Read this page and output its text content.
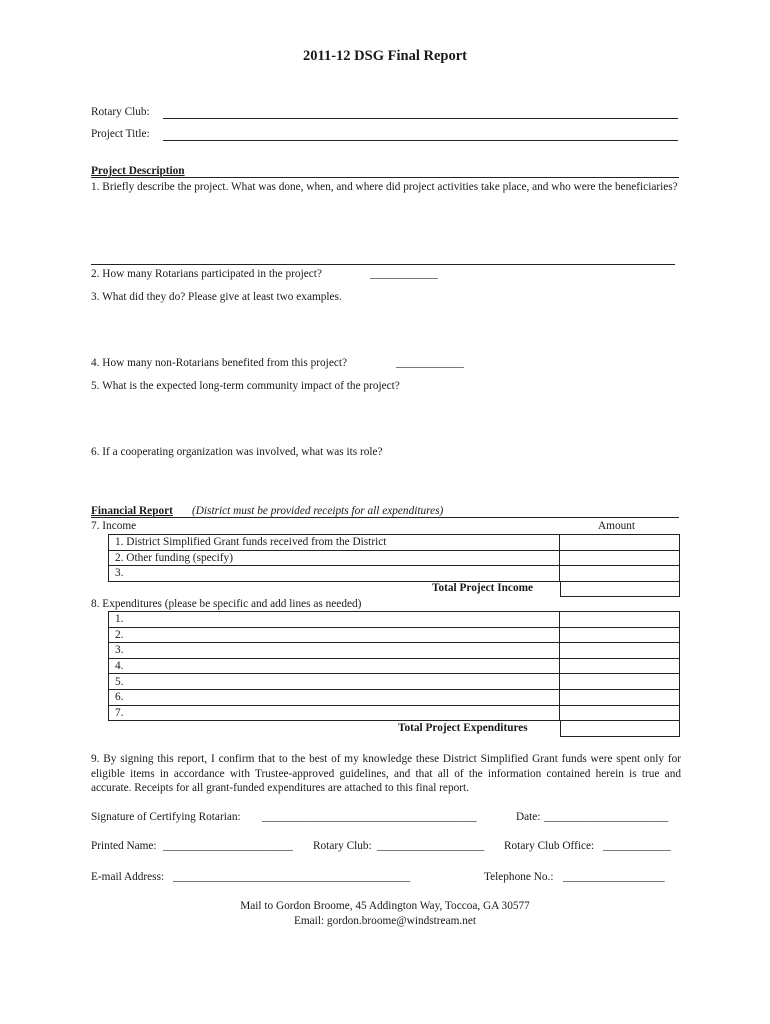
2011-12 DSG Final Report
Rotary Club:
Project Title:
Project Description
1. Briefly describe the project. What was done, when, and where did project activities take place, and who were the beneficiaries?
2. How many Rotarians participated in the project?	____________
3. What did they do? Please give at least two examples.
4. How many non-Rotarians benefited from this project?	____________
5. What is the expected long-term community impact of the project?
6. If a cooperating organization was involved, what was its role?
Financial Report (District must be provided receipts for all expenditures)
7. Income	Amount
1. District Simplified Grant funds received from the District	
2. Other funding (specify)	
3.	
Total Project Income
8. Expenditures (please be specific and add lines as needed)
1.	
2.	
3.	
4.	
5.	
6.	
7.	
Total Project Expenditures
9. By signing this report, I confirm that to the best of my knowledge these District Simplified Grant funds were spent only for eligible items in accordance with Trustee-approved guidelines, and that all of the information contained herein is true and accurate. Receipts for all grant-funded expenditures are attached to this final report.
Signature of Certifying Rotarian: ______________________________________	Date: ______________________
Printed Name: _______________________ Rotary Club: ___________________ Rotary Club Office: ____________
E-mail Address: __________________________________________	Telephone No.: __________________
Mail to Gordon Broome, 45 Addington Way, Toccoa, GA 30577
Email: gordon.broome@windstream.net
